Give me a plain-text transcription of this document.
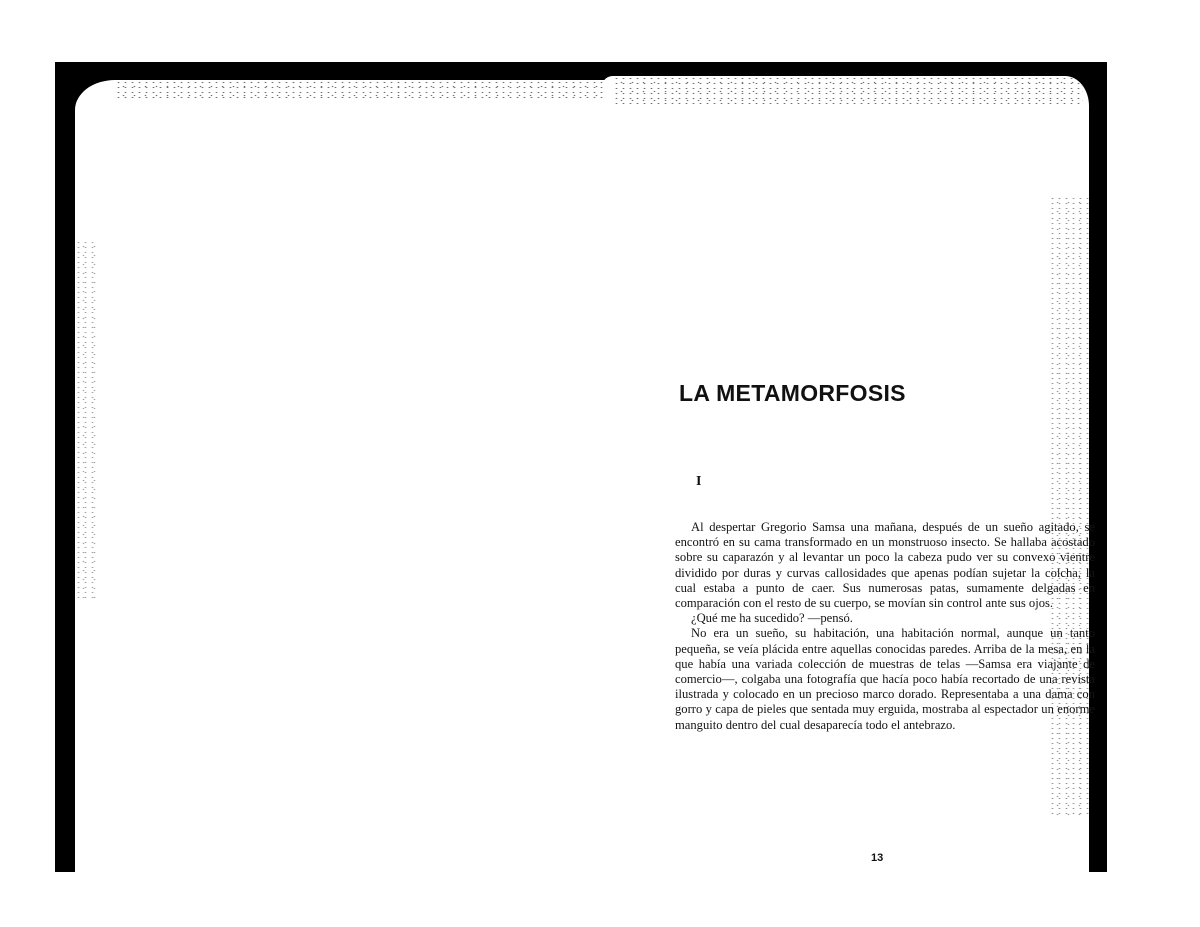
LA METAMORFOSIS
I

Al despertar Gregorio Samsa una mañana, después de un sueño agitado, se encontró en su cama transformado en un monstruoso insecto. Se hallaba acostado sobre su caparazón y al levantar un poco la cabeza pudo ver su convexo vientre dividido por duras y curvas callosidades que apenas podían sujetar la colcha, la cual estaba a punto de caer. Sus numerosas patas, sumamente delgadas en comparación con el resto de su cuerpo, se movían sin control ante sus ojos.

¿Qué me ha sucedido? —pensó.

No era un sueño, su habitación, una habitación normal, aunque un tanto pequeña, se veía plácida entre aquellas conocidas paredes. Arriba de la mesa, en la que había una variada colección de muestras de telas —Samsa era viajante de comercio—, colgaba una fotografía que hacía poco había recortado de una revista ilustrada y colocado en un precioso marco dorado. Representaba a una dama con gorro y capa de pieles que sentada muy erguida, mostraba al espectador un enorme manguito dentro del cual desaparecía todo el antebrazo.

13
